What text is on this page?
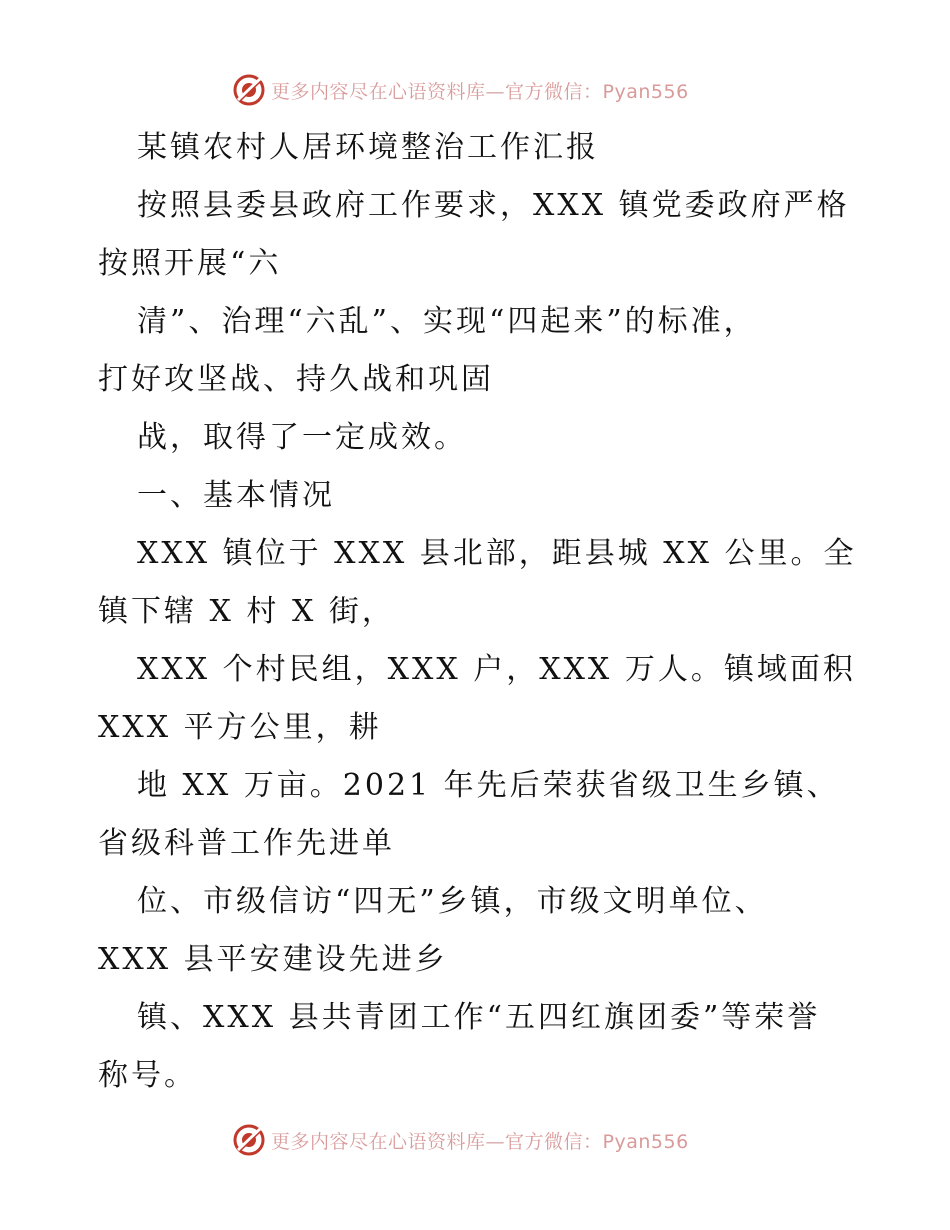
更多内容尽在心语资料库—官方微信：Pyan556
某镇农村人居环境整治工作汇报
按照县委县政府工作要求，XXX 镇党委政府严格
按照开展“六
清”、治理“六乱”、实现“四起来”的标准，
打好攻坚战、持久战和巩固
战，取得了一定成效。
一、基本情况
XXX 镇位于 XXX 县北部，距县城 XX 公里。全
镇下辖 X 村 X 街，
XXX 个村民组，XXX 户，XXX 万人。镇域面积
XXX 平方公里，耕
地 XX 万亩。2021 年先后荣获省级卫生乡镇、
省级科普工作先进单
位、市级信访“四无”乡镇，市级文明单位、
XXX 县平安建设先进乡
镇、XXX 县共青团工作“五四红旗团委”等荣誉
称号。
更多内容尽在心语资料库—官方微信：Pyan556
